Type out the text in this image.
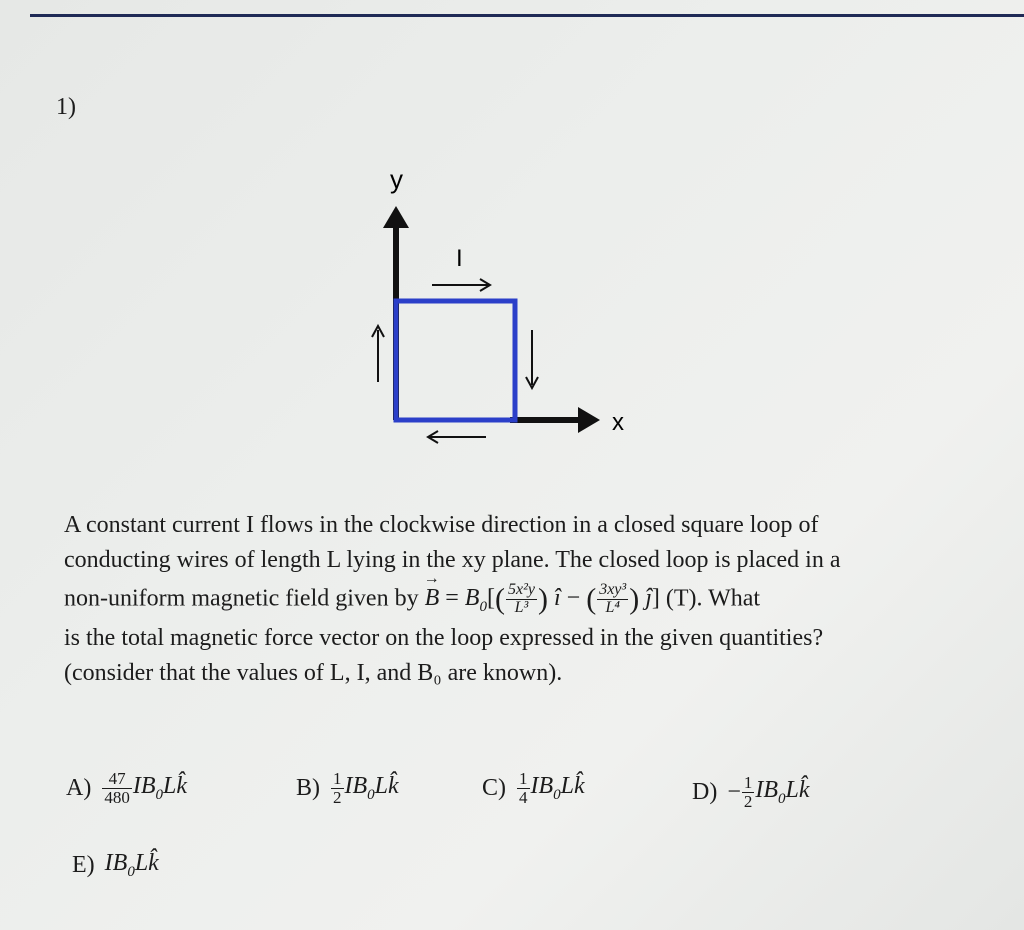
1)
y
x
I
A constant current I flows in the clockwise direction in a closed square loop of
conducting wires of length L lying in the xy plane. The closed loop is placed in a
non-uniform magnetic field given by → $B = B_0[( \frac{\text{5x²y}}{\text{L³}}$ ) î − ( $\frac{\text{3xy³}}{\text{L⁴}}$ ) ĵ] (T). What
is the total magnetic force vector on the loop expressed in the given quantities?
(consider that the values of L, I, and B₀ are known).
$A) \frac{47}{480}$ $IB_0Lk̂$	$B) \frac{1}{2}$ $IB_0Lk̂$	$C) \frac{1}{4}$ $IB_0Lk̂$	$D) - \frac{1}{2}$ $IB_0Lk̂$
E) $IB_0Lk̂$
